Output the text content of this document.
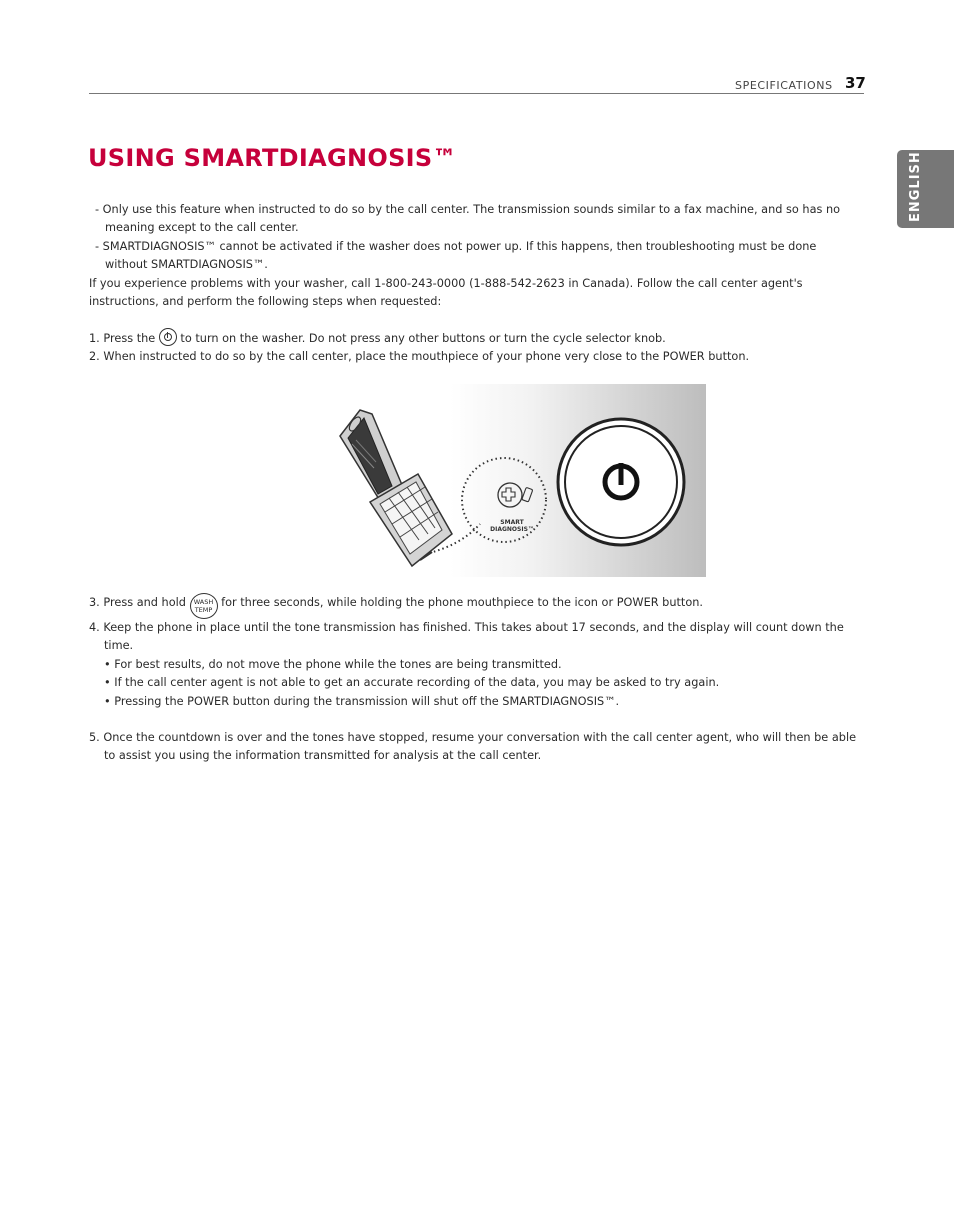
SPECIFICATIONS 37
ENGLISH
USING SMARTDIAGNOSIS™

- Only use this feature when instructed to do so by the call center. The transmission sounds similar to a fax machine, and so has no meaning except to the call center.

- SMARTDIAGNOSIS™ cannot be activated if the washer does not power up. If this happens, then troubleshooting must be done without SMARTDIAGNOSIS™.

If you experience problems with your washer, call 1-800-243-0000 (1-888-542-2623 in Canada). Follow the call center agent's instructions, and perform the following steps when requested:

1. Press the to turn on the washer. Do not press any other buttons or turn the cycle selector knob.

2. When instructed to do so by the call center, place the mouthpiece of your phone very close to the POWER button.

SMART
DIAGNOSIS™

3. Press and hold WASH
TEMP for three seconds, while holding the phone mouthpiece to the icon or POWER button.

4. Keep the phone in place until the tone transmission has finished. This takes about 17 seconds, and the display will count down the time.

• For best results, do not move the phone while the tones are being transmitted.

• If the call center agent is not able to get an accurate recording of the data, you may be asked to try again.

• Pressing the POWER button during the transmission will shut off the SMARTDIAGNOSIS™.

5. Once the countdown is over and the tones have stopped, resume your conversation with the call center agent, who will then be able to assist you using the information transmitted for analysis at the call center.
